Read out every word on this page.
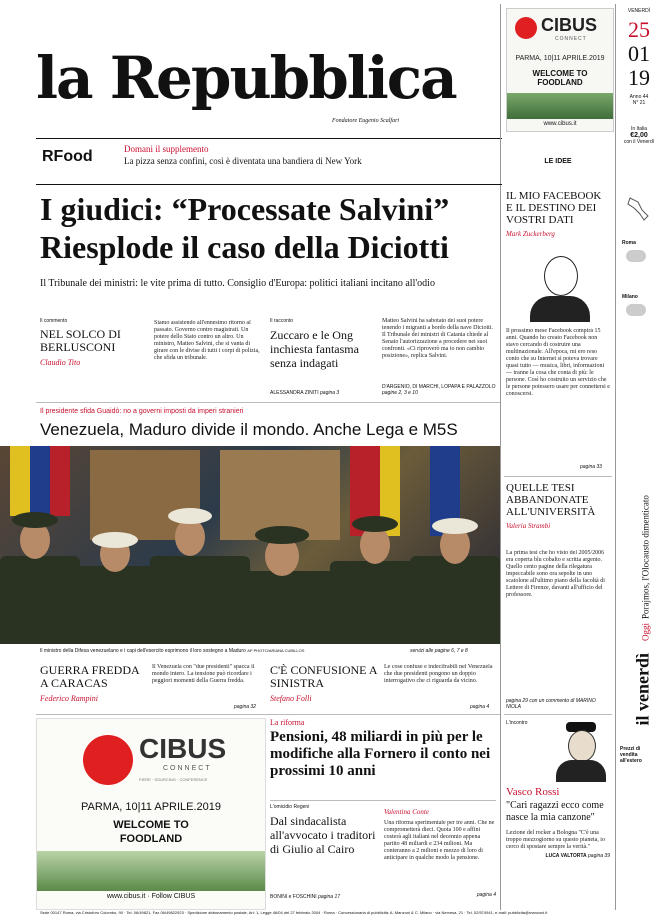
la Repubblica
Fondatore Eugenio Scalfari
CIBUS
CONNECT
PARMA, 10|11 APRILE.2019
WELCOME TO FOODLAND
www.cibus.it
VENERDÌ
25
01
19
Anno 44
N° 21
In Italia
€2,00
con il Venerdì
RFood	Domani il supplemento
La pizza senza confini, così è diventata una bandiera di New York	LE IDEE
I giudici: “Processate Salvini”
Riesplode il caso della Diciotti
Il Tribunale dei ministri: le vite prima di tutto. Consiglio d'Europa: politici italiani incitano all'odio
Il commento
NEL SOLCO DI BERLUSCONI
Claudio Tito
Siamo assistendo all'ennesimo ritorno al passato. Governo contro magistrati. Un potere dello Stato contro un altro. Un ministro, Matteo Salvini, che si vanta di girare con le divise di tutti i corpi di polizia, che sfida un tribunale.
Il racconto
Zuccaro e le Ong inchiesta fantasma senza indagati
ALESSANDRA ZINITI pagina 3
Matteo Salvini ha sabotato dei suoi potere tenendo i migranti a bordo della nave Diciotti. Il Tribunale dei ministri di Catania chiede al Senato l'autorizzazione a procedere nei suoi confronti. «Ci riproverò ma io non cambio posizione», replica Salvini.
D'ARGENIO, DI MARCHI, LOPAPA E PALAZZOLO pagine 2, 3 e 10
Il presidente sfida Guaidò: no a governi imposti da imperi stranieri
Venezuela, Maduro divide il mondo. Anche Lega e M5S
Il ministro della Difesa venezuelano e i capi dell'esercito esprimono il loro sostegno a Maduro AP PHOTO/ARIANA CUBILLOS	servizi alle pagine 6, 7 e 8
GUERRA FREDDA A CARACAS
Federico Rampini
Il Venezuela con "due presidenti" spacca il mondo intero. La tensione può ricordare i peggiori momenti della Guerra fredda.
pagina 32
C'È CONFUSIONE A SINISTRA
Stefano Folli
Le cose confuse e indecifrabili nel Venezuela che due presidenti pongono un doppio interrogativo che ci riguarda da vicino.
pagina 4
CIBUS
CONNECT
FIERE · SOURCING · CONFERENCE
PARMA, 10|11 APRILE.2019
WELCOME TO
FOODLAND
www.cibus.it · Follow CIBUS
La riforma
Pensioni, 48 miliardi in più per le modifiche alla Fornero il conto nei prossimi 10 anni
L'omicidio Regeni
Dal sindacalista all'avvocato i traditori di Giulio al Cairo
BONINI e FOSCHINI pagina 17
Valentina Conte
Una riforma sperimentale per tre anni. Che ne comprometterà dieci. Quota 100 e affini costerà agli italiani nel decennio appena partito 48 miliardi e 234 milioni. Ma conteranno a 2 milioni e mezzo di loro di anticipare in qualche modo la pensione.
pagina 4
IL MIO FACEBOOK E IL DESTINO DEI VOSTRI DATI
Mark Zuckerberg
Il prossimo mese Facebook compirà 15 anni. Quando ho creato Facebook non stavo cercando di costruire una multinazionale. All'epoca, mi ero reso conto che su Internet si poteva trovare quasi tutto — musica, libri, informazioni — tranne la cosa che conta di più: le persone. Così ho costruito un servizio che le persone potessero usare per connettersi e conoscersi.
pagina 33
QUELLE TESI ABBANDONATE ALL'UNIVERSITÀ
Valeria Strambi
La prima tesi che ho visto del 2005/2006 era coperta blu cobalto e scritta argento. Quello cento pagine della rilegatura impeccabile sono ora sepolte in uno scatolone all'ultimo piano della facoltà di Lettere di Firenze, davanti all'ufficio del professore.
pagina 29 con un commento di MARINO NIOLA
L'incontro
Vasco Rossi
"Cari ragazzi ecco come nasce la mia canzone"
Lezione del rocker a Bologna "C'è una troppo mezzogiorno su questo pianeta, io cerco di spostare sempre la verità."
LUCA VALTORTA pagina 39
Roma
Milano
il venerdì Oggi Porajmos, l'Olocausto dimenticato
Prezzi di vendita all'estero
Sede 00147 Roma, via Cristoforo Colombo, 90 · Tel. 06/49821, Fax 06/49822923 · Spedizione abbonamento postale, Art. 1, Legge 46/04 del 27 febbraio 2004 · Roma · Concessionaria di pubblicità: A. Manzoni & C. Milano · via Nervesa, 21 · Tel. 02/574941, e-mail: pubblicita@manzoni.it
